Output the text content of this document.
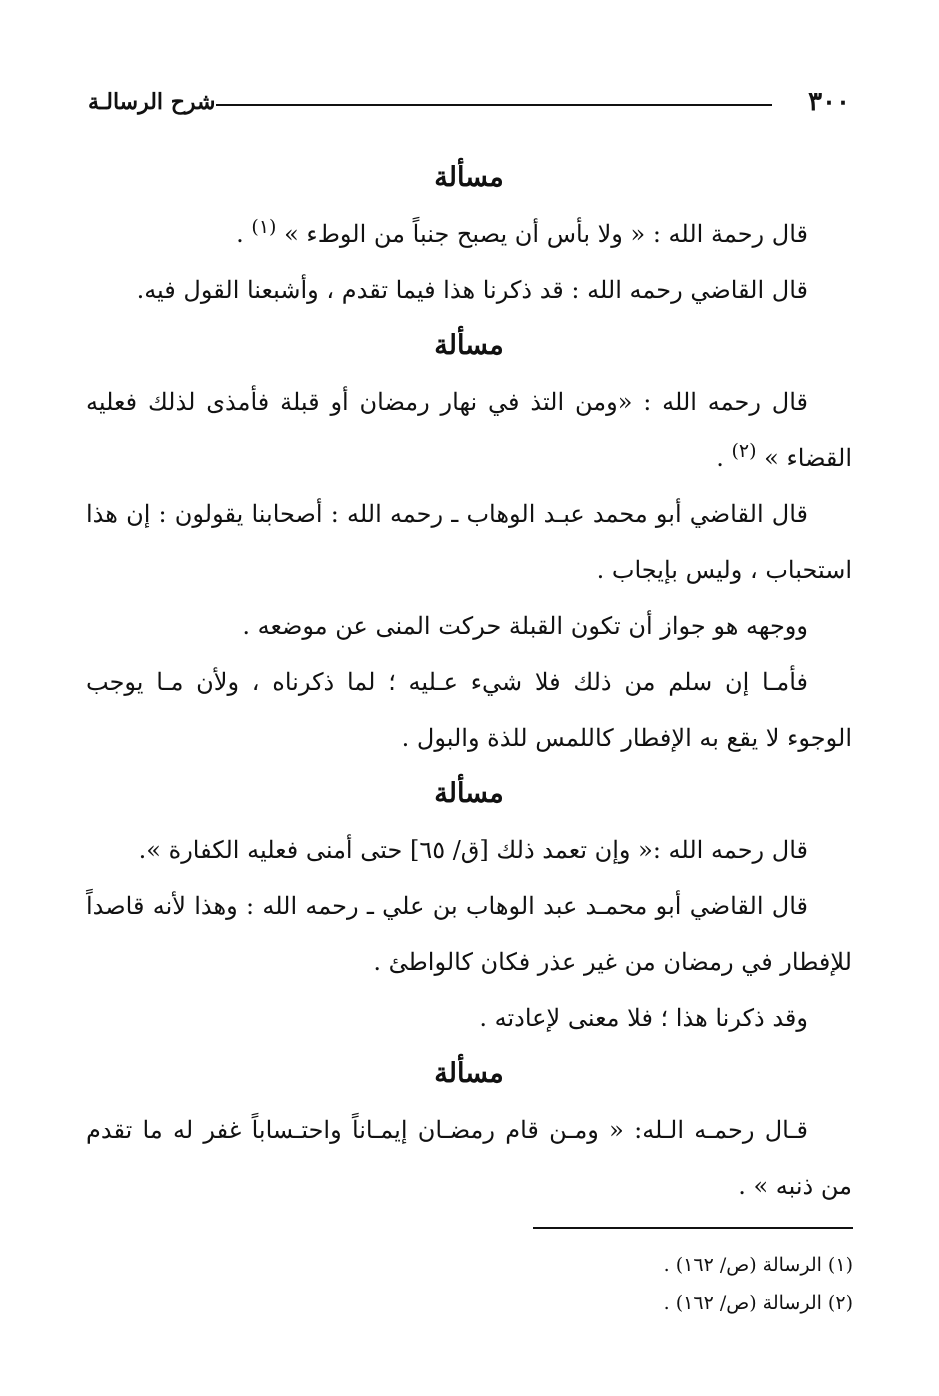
٣٠٠
شرح الرسالـة

مسألة

قال رحمة الله : « ولا بأس أن يصبح جنباً من الوطء » $^{(١)}$ .

قال القاضي رحمه الله : قد ذكرنا هذا فيما تقدم ، وأشبعنا القول فيه.

مسألة

قال رحمه الله : «ومن التذ في نهار رمضان أو قبلة فأمذى لذلك فعليه القضاء » $^{(٢)}$ .

قال القاضي أبو محمد عبـد الوهاب ـ رحمه الله : أصحابنا يقولون : إن هذا استحباب ، وليس بإيجاب .

ووجهه هو جواز أن تكون القبلة حركت المنى عن موضعه .

فأمـا إن سلم من ذلك فلا شيء عـليه ؛ لما ذكرناه ، ولأن مـا يوجب الوجوء لا يقع به الإفطار كاللمس للذة والبول .

مسألة

قال رحمه الله :« وإن تعمد ذلك [ق/ ٦٥] حتى أمنى فعليه الكفارة ».

قال القاضي أبو محمـد عبد الوهاب بن علي ـ رحمه الله : وهذا لأنه قاصداً للإفطار في رمضان من غير عذر فكان كالواطئ .

وقد ذكرنا هذا ؛ فلا معنى لإعادته .

مسألة

قـال رحمـه الـله: « ومـن قام رمضـان إيمـاناً واحتـساباً غفر له ما تقدم من ذنبه » .

(١) الرسالة (ص/ ١٦٢) .

(٢) الرسالة (ص/ ١٦٢) .
